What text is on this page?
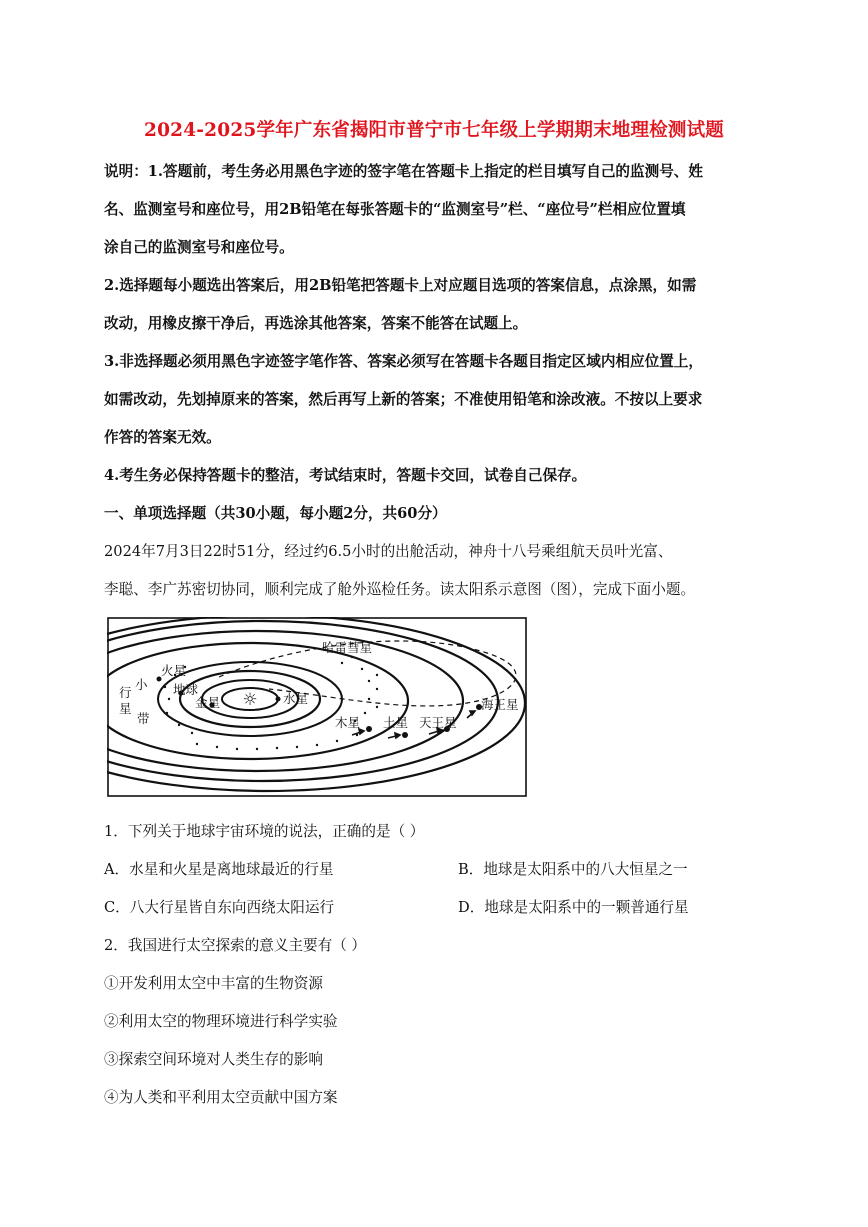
2024-2025学年广东省揭阳市普宁市七年级上学期期末地理检测试题
说明：1.答题前，考生务必用黑色字迹的签字笔在答题卡上指定的栏目填写自己的监测号、姓
名、监测室号和座位号，用2B铅笔在每张答题卡的“监测室号”栏、“座位号”栏相应位置填
涂自己的监测室号和座位号。
2.选择题每小题选出答案后，用2B铅笔把答题卡上对应题目选项的答案信息，点涂黑，如需
改动，用橡皮擦干净后，再选涂其他答案，答案不能答在试题上。
3.非选择题必须用黑色字迹签字笔作答、答案必须写在答题卡各题目指定区域内相应位置上，
如需改动，先划掉原来的答案，然后再写上新的答案；不准使用铅笔和涂改液。不按以上要求
作答的答案无效。
4.考生务必保持答题卡的整洁，考试结束时，答题卡交回，试卷自己保存。
一、单项选择题（共30小题，每小题2分，共60分）
2024年7月3日22时51分，经过约6.5小时的出舱活动，神舟十八号乘组航天员叶光富、
李聪、李广苏密切协同，顺利完成了舱外巡检任务。读太阳系示意图（图），完成下面小题。
☼
火星
哈雷彗星
地球
水星
金星
小
行
星
带	木星 土星 天王星
海王星
1．下列关于地球宇宙环境的说法，正确的是（ ）
A．水星和火星是离地球最近的行星	B．地球是太阳系中的八大恒星之一
C．八大行星皆自东向西绕太阳运行	D．地球是太阳系中的一颗普通行星
2．我国进行太空探索的意义主要有（ ）
①开发利用太空中丰富的生物资源
②利用太空的物理环境进行科学实验
③探索空间环境对人类生存的影响
④为人类和平利用太空贡献中国方案
